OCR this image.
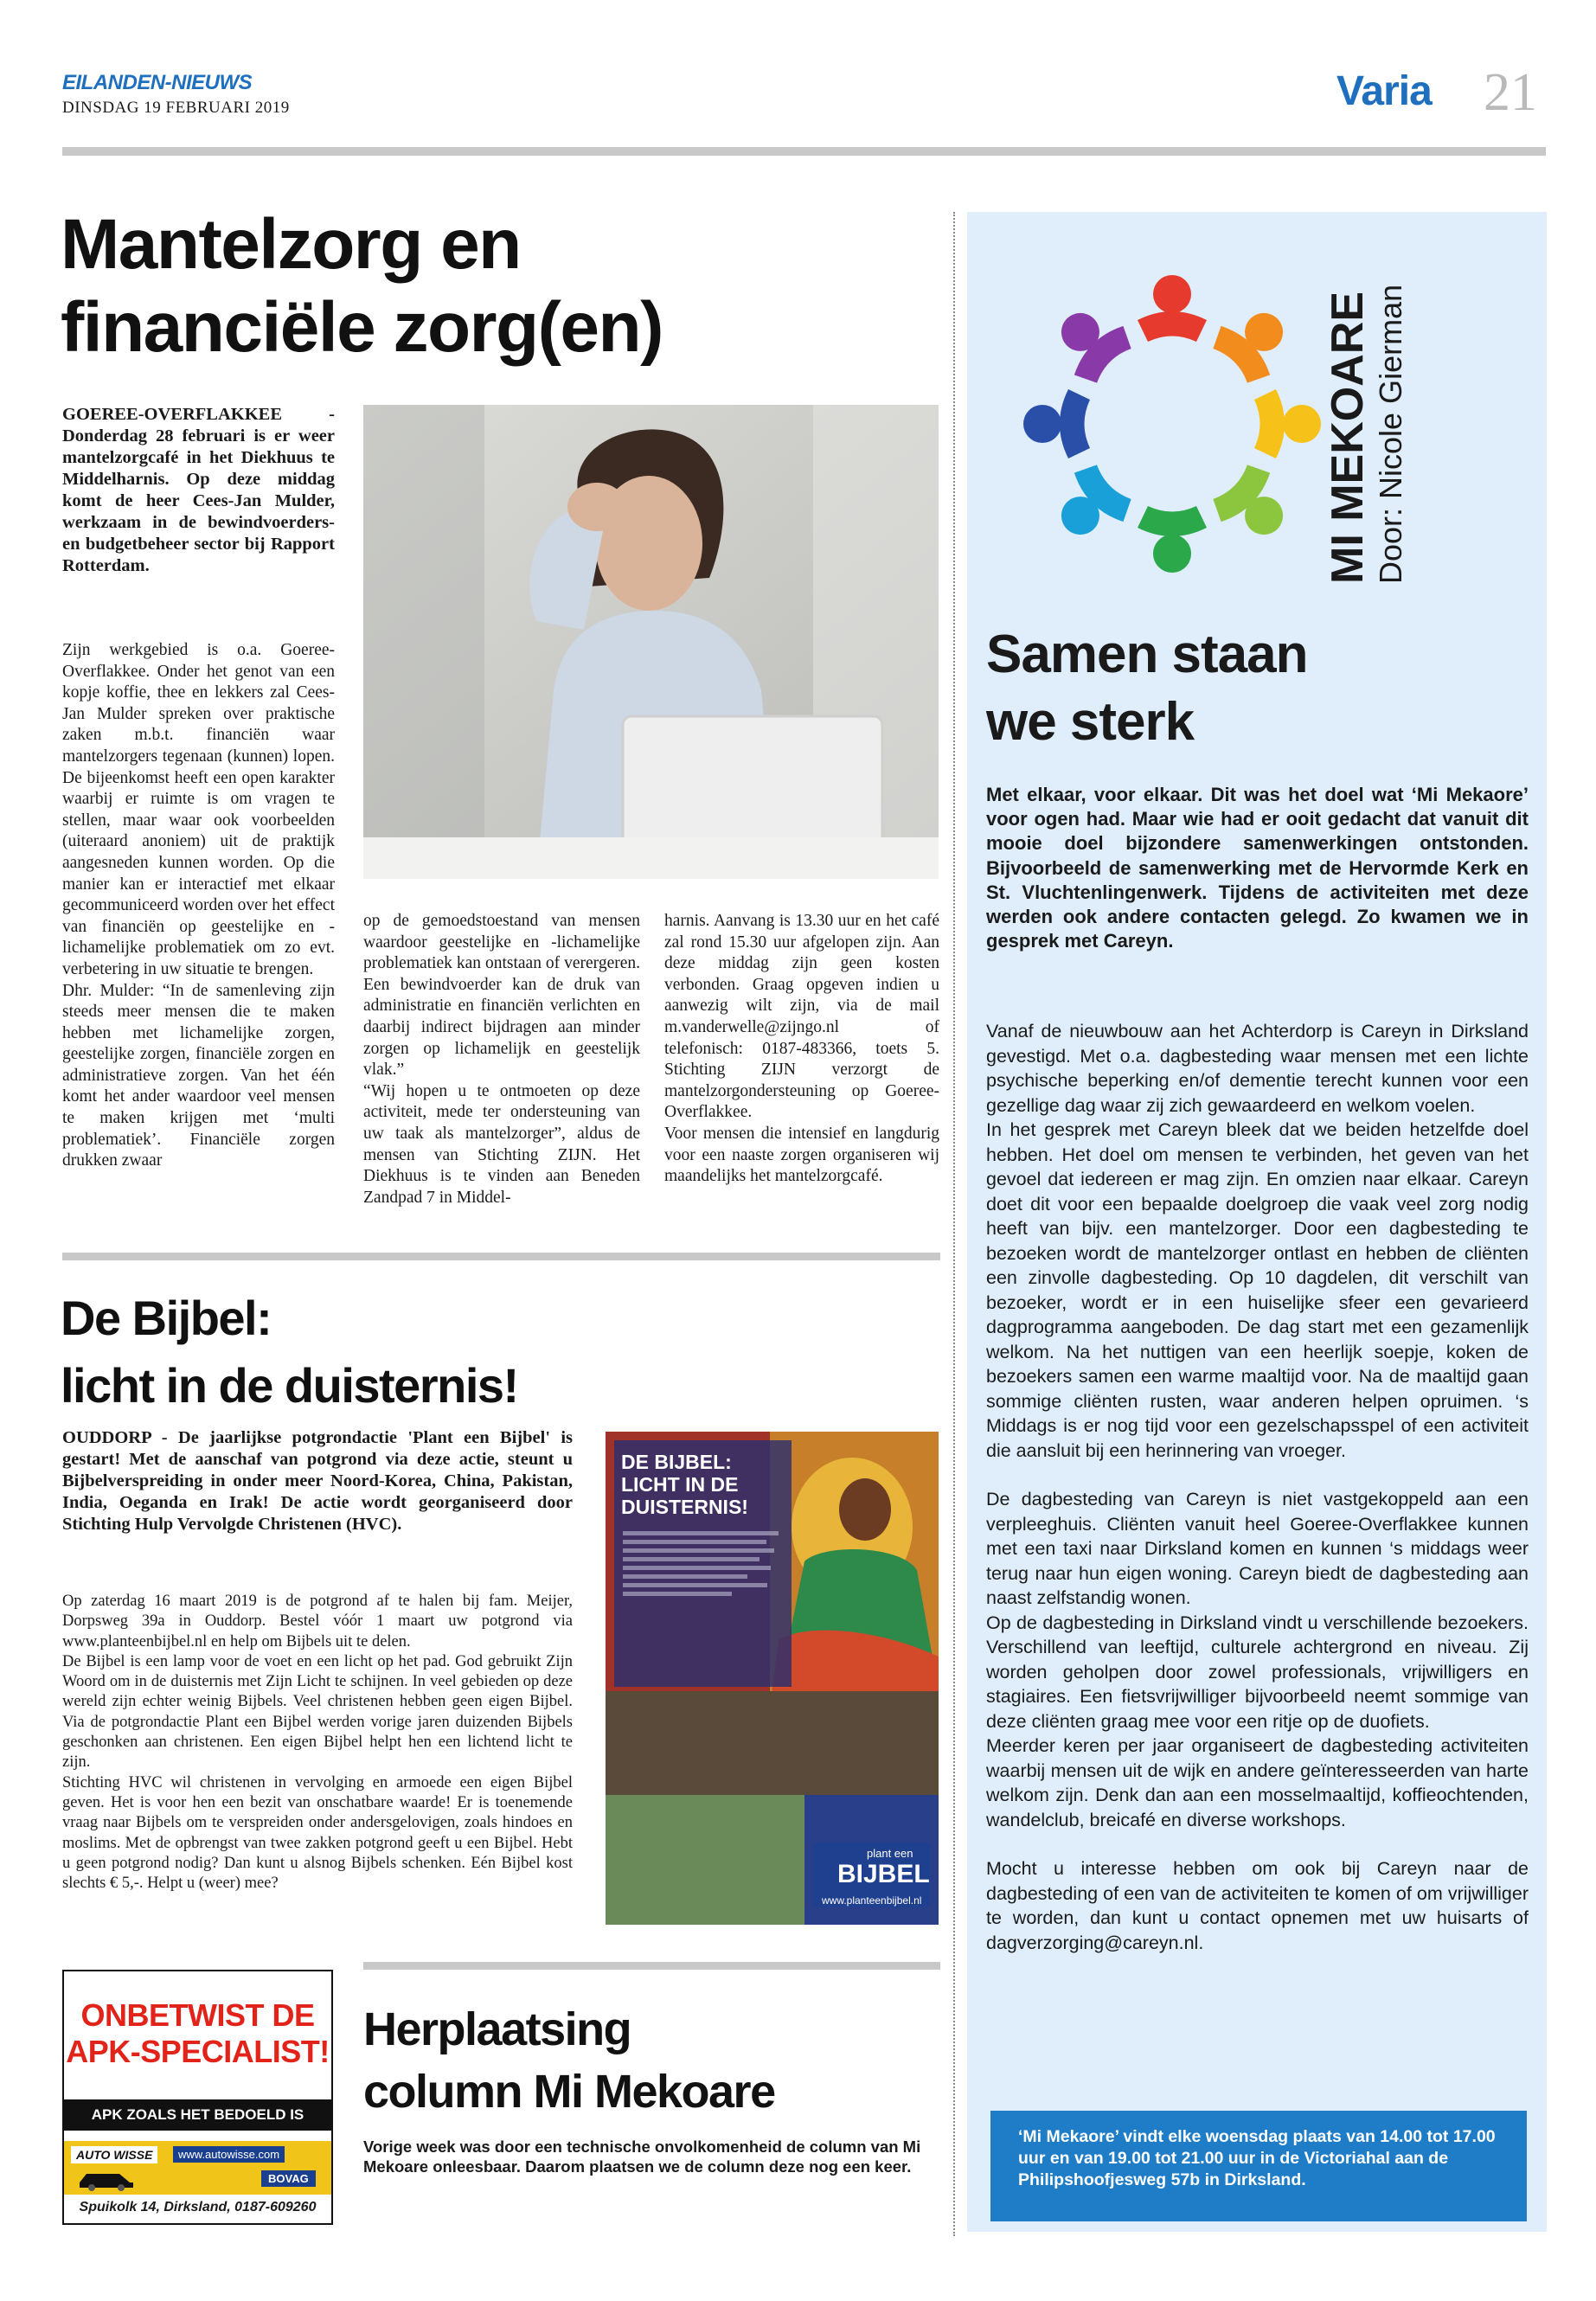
EILANDEN-NIEUWS
DINSDAG 19 FEBRUARI 2019	Varia 21
Mantelzorg en
financiële zorg(en)
GOEREE-OVERFLAKKEE - Donderdag 28 februari is er weer mantelzorgcafé in het Diekhuus te Middelharnis. Op deze middag komt de heer Cees-Jan Mulder, werkzaam in de bewindvoerders- en budgetbeheer sector bij Rapport Rotterdam.

Zijn werkgebied is o.a. Goeree-Overflakkee. Onder het genot van een kopje koffie, thee en lekkers zal Cees-Jan Mulder spreken over praktische zaken m.b.t. financiën waar mantelzorgers tegenaan (kunnen) lopen. De bijeenkomst heeft een open karakter waarbij er ruimte is om vragen te stellen, maar waar ook voorbeelden (uiteraard anoniem) uit de praktijk aangesneden kunnen worden. Op die manier kan er interactief met elkaar gecommuniceerd worden over het effect van financiën op geestelijke en - lichamelijke problematiek om zo evt. verbetering in uw situatie te brengen.

Dhr. Mulder: “In de samenleving zijn steeds meer mensen die te maken hebben met lichamelijke zorgen, geestelijke zorgen, financiële zorgen en administratieve zorgen. Van het één komt het ander waardoor veel mensen te maken krijgen met ‘multi problematiek’. Financiële zorgen drukken zwaar

op de gemoedstoestand van mensen waardoor geestelijke en -lichamelijke problematiek kan ontstaan of verergeren. Een bewindvoerder kan de druk van administratie en financiën verlichten en daarbij indirect bijdragen aan minder zorgen op lichamelijk en geestelijk vlak.”

“Wij hopen u te ontmoeten op deze activiteit, mede ter ondersteuning van uw taak als mantelzorger”, aldus de mensen van Stichting ZIJN. Het Diekhuus is te vinden aan Beneden Zandpad 7 in Middel-

harnis. Aanvang is 13.30 uur en het café zal rond 15.30 uur afgelopen zijn. Aan deze middag zijn geen kosten verbonden. Graag opgeven indien u aanwezig wilt zijn, via de mail m.vanderwelle@zijngo.nl of telefonisch: 0187-483366, toets 5. Stichting ZIJN verzorgt de mantelzorgondersteuning op Goeree-Overflakkee.

Voor mensen die intensief en langdurig voor een naaste zorgen organiseren wij maandelijks het mantelzorgcafé.

De Bijbel:
licht in de duisternis!
OUDDORP - De jaarlijkse potgrondactie 'Plant een Bijbel' is gestart! Met de aanschaf van potgrond via deze actie, steunt u Bijbelverspreiding in onder meer Noord-Korea, China, Pakistan, India, Oeganda en Irak! De actie wordt georganiseerd door Stichting Hulp Vervolgde Christenen (HVC).

Op zaterdag 16 maart 2019 is de potgrond af te halen bij fam. Meijer, Dorpsweg 39a in Ouddorp. Bestel vóór 1 maart uw potgrond via www.planteenbijbel.nl en help om Bijbels uit te delen.

De Bijbel is een lamp voor de voet en een licht op het pad. God gebruikt Zijn Woord om in de duisternis met Zijn Licht te schijnen. In veel gebieden op deze wereld zijn echter weinig Bijbels. Veel christenen hebben geen eigen Bijbel. Via de potgrondactie Plant een Bijbel werden vorige jaren duizenden Bijbels geschonken aan christenen. Een eigen Bijbel helpt hen een lichtend licht te zijn.

Stichting HVC wil christenen in vervolging en armoede een eigen Bijbel geven. Het is voor hen een bezit van onschatbare waarde! Er is toenemende vraag naar Bijbels om te verspreiden onder andersgelovigen, zoals hindoes en moslims. Met de opbrengst van twee zakken potgrond geeft u een Bijbel. Hebt u geen potgrond nodig? Dan kunt u alsnog Bijbels schenken. Eén Bijbel kost slechts € 5,-. Helpt u (weer) mee?

DE BIJBEL: LICHT IN DE DUISTERNIS!
plant een
BIJBEL
www.planteenbijbel.nl
ONBETWIST DE
APK-SPECIALIST!
APK ZOALS HET BEDOELD IS
AUTO WISSE	www.autowisse.com
BOVAG
Spuikolk 14, Dirksland, 0187-609260
Herplaatsing
column Mi Mekoare
Vorige week was door een technische onvolkomenheid de column van Mi Mekoare onleesbaar. Daarom plaatsen we de column deze nog een keer.
MI MEKOARE Door: Nicole Gierman
Samen staan
we sterk
Met elkaar, voor elkaar. Dit was het doel wat ‘Mi Mekaore’ voor ogen had. Maar wie had er ooit gedacht dat vanuit dit mooie doel bijzondere samenwerkingen ontstonden. Bijvoorbeeld de samenwerking met de Hervormde Kerk en St. Vluchtenlingenwerk. Tijdens de activiteiten met deze werden ook andere contacten gelegd. Zo kwamen we in gesprek met Careyn.

Vanaf de nieuwbouw aan het Achterdorp is Careyn in Dirksland gevestigd. Met o.a. dagbesteding waar mensen met een lichte psychische beperking en/of dementie terecht kunnen voor een gezellige dag waar zij zich gewaardeerd en welkom voelen.

In het gesprek met Careyn bleek dat we beiden hetzelfde doel hebben. Het doel om mensen te verbinden, het geven van het gevoel dat iedereen er mag zijn. En omzien naar elkaar. Careyn doet dit voor een bepaalde doelgroep die vaak veel zorg nodig heeft van bijv. een mantelzorger. Door een dagbesteding te bezoeken wordt de mantelzorger ontlast en hebben de cliënten een zinvolle dagbesteding. Op 10 dagdelen, dit verschilt van bezoeker, wordt er in een huiselijke sfeer een gevarieerd dagprogramma aangeboden. De dag start met een gezamenlijk welkom. Na het nuttigen van een heerlijk soepje, koken de bezoekers samen een warme maaltijd voor. Na de maaltijd gaan sommige cliënten rusten, waar anderen helpen opruimen. ‘s Middags is er nog tijd voor een gezelschapsspel of een activiteit die aansluit bij een herinnering van vroeger.

De dagbesteding van Careyn is niet vastgekoppeld aan een verpleeghuis. Cliënten vanuit heel Goeree-Overflakkee kunnen met een taxi naar Dirksland komen en kunnen ‘s middags weer terug naar hun eigen woning. Careyn biedt de dagbesteding aan naast zelfstandig wonen.

Op de dagbesteding in Dirksland vindt u verschillende bezoekers. Verschillend van leeftijd, culturele achtergrond en niveau. Zij worden geholpen door zowel professionals, vrijwilligers en stagiaires. Een fietsvrijwilliger bijvoorbeeld neemt sommige van deze cliënten graag mee voor een ritje op de duofiets.

Meerder keren per jaar organiseert de dagbesteding activiteiten waarbij mensen uit de wijk en andere geïnteresseerden van harte welkom zijn. Denk dan aan een mosselmaaltijd, koffieochtenden, wandelclub, breicafé en diverse workshops.

Mocht u interesse hebben om ook bij Careyn naar de dagbesteding of een van de activiteiten te komen of om vrijwilliger te worden, dan kunt u contact opnemen met uw huisarts of dagverzorging@careyn.nl.

‘Mi Mekaore’ vindt elke woensdag plaats van 14.00 tot 17.00 uur en van 19.00 tot 21.00 uur in de Victoriahal aan de Philipshoofjesweg 57b in Dirksland.
